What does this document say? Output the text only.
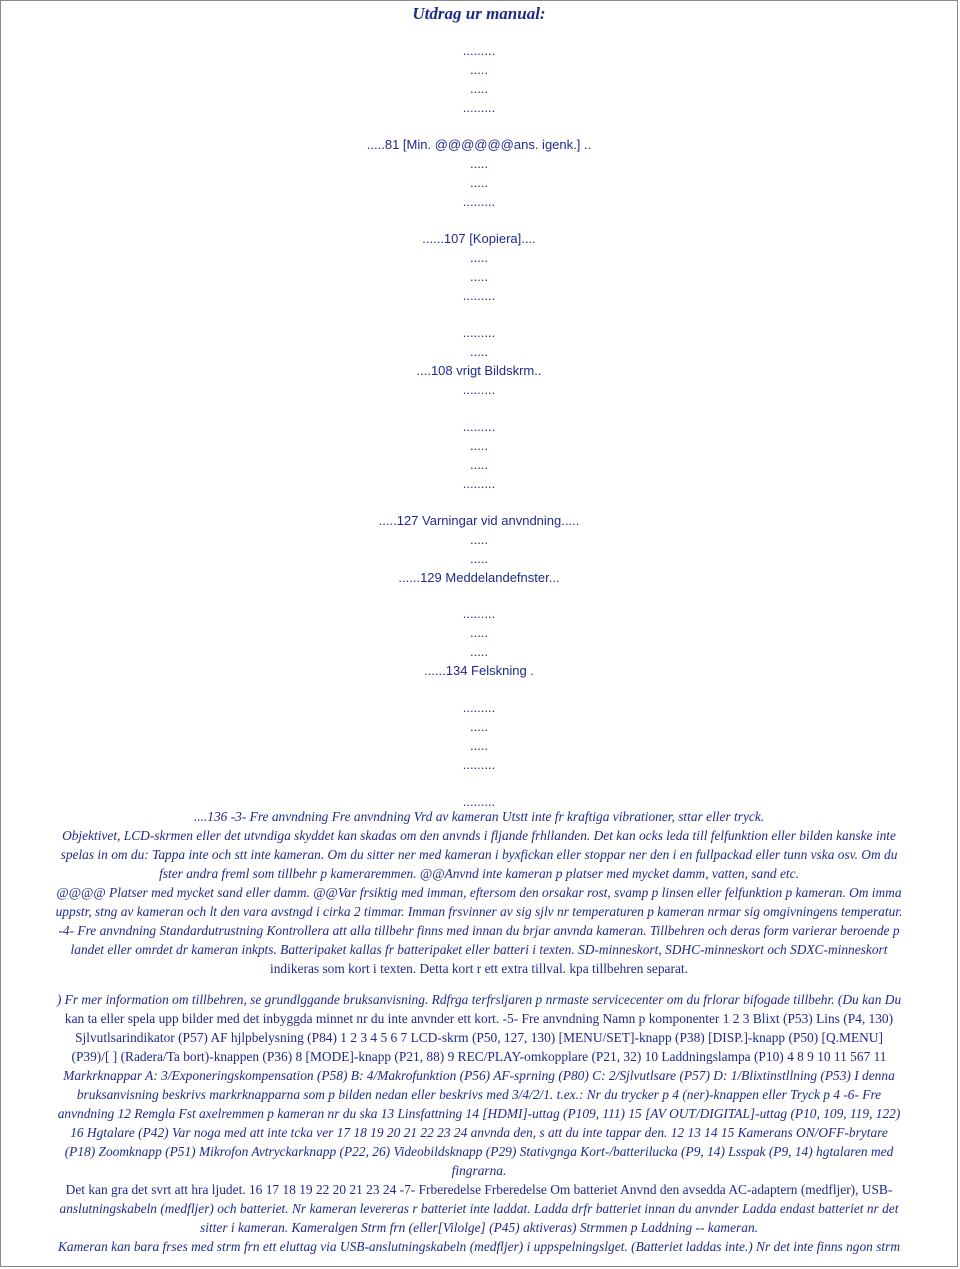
Utdrag ur manual:
.........
.....
.....
.........
.....81 [Min. @@@@@@ans. igenk.] ..
.....
.....
.........
......107 [Kopiera]....
.....
.....
.........
.........
.....
....108 vrigt Bildskrm..
.........
.........
.....
.....
.........
.....127 Varningar vid anvndning.....
.....
.....
......129 Meddelandefnster...
.........
.....
.....
......134 Felskning .
.........
.....
.....
.........
.........
....136 -3- Fre anvndning Fre anvndning Vrd av kameran Utstt inte fr kraftiga vibrationer, sttar eller tryck.
Objektivet, LCD-skrmen eller det utvndiga skyddet kan skadas om den anvnds i fljande frhllanden. Det kan ocks leda till felfunktion eller bilden kanske inte
spelas in om du: Tappa inte och stt inte kameran. Om du sitter ner med kameran i byxfickan eller stoppar ner den i en fullpackad eller tunn vska osv. Om du
fster andra freml som tillbehr p kameraremmen. @@Anvnd inte kameran p platser med mycket damm, vatten, sand etc.
@@@@ Platser med mycket sand eller damm. @@Var frsiktig med imman, eftersom den orsakar rost, svamp p linsen eller felfunktion p kameran. Om imma
uppstr, stng av kameran och lt den vara avstngd i cirka 2 timmar. Imman frsvinner av sig sjlv nr temperaturen p kameran nrmar sig omgivningens temperatur.
-4- Fre anvndning Standardutrustning Kontrollera att alla tillbehr finns med innan du brjar anvnda kameran. Tillbehren och deras form varierar beroende p
landet eller omrdet dr kameran inkpts. Batteripaket kallas fr batteripaket eller batteri i texten. SD-minneskort, SDHC-minneskort och SDXC-minneskort
indikeras som kort i texten. Detta kort r ett extra tillval. kpa tillbehren separat.
) Fr mer information om tillbehren, se grundlggande bruksanvisning. Rdfrga terfrsljaren p nrmaste servicecenter om du frlorar bifogade tillbehr. (Du kan Du
kan ta eller spela upp bilder med det inbyggda minnet nr du inte anvnder ett kort. -5- Fre anvndning Namn p komponenter 1 2 3 Blixt (P53) Lins (P4, 130)
Sjlvutlsarindikator (P57) AF hjlpbelysning (P84) 1 2 3 4 5 6 7 LCD-skrm (P50, 127, 130) [MENU/SET]-knapp (P38) [DISP.]-knapp (P50) [Q.MENU]
(P39)/[ ] (Radera/Ta bort)-knappen (P36) 8 [MODE]-knapp (P21, 88) 9 REC/PLAY-omkopplare (P21, 32) 10 Laddningslampa (P10) 4 8 9 10 11 567 11
Markrknappar A: 3/Exponeringskompensation (P58) B: 4/Makrofunktion (P56) AF-sprning (P80) C: 2/Sjlvutlsare (P57) D: 1/Blixtinstllning (P53) I denna
bruksanvisning beskrivs markrknapparna som p bilden nedan eller beskrivs med 3/4/2/1. t.ex.: Nr du trycker p 4 (ner)-knappen eller Tryck p 4 -6- Fre
anvndning 12 Remgla Fst axelremmen p kameran nr du ska 13 Linsfattning 14 [HDMI]-uttag (P109, 111) 15 [AV OUT/DIGITAL]-uttag (P10, 109, 119, 122)
16 Hgtalare (P42) Var noga med att inte tcka ver 17 18 19 20 21 22 23 24 anvnda den, s att du inte tappar den. 12 13 14 15 Kamerans ON/OFF-brytare
(P18) Zoomknapp (P51) Mikrofon Avtryckarknapp (P22, 26) Videobildsknapp (P29) Stativgnga Kort-/batterilucka (P9, 14) Lsspak (P9, 14) hgtalaren med
fingrarna.
Det kan gra det svrt att hra ljudet. 16 17 18 19 22 20 21 23 24 -7- Frberedelse Frberedelse Om batteriet Anvnd den avsedda AC-adaptern (medfljer), USB-
anslutningskabeln (medfljer) och batteriet. Nr kameran levereras r batteriet inte laddat. Ladda drfr batteriet innan du anvnder Ladda endast batteriet nr det
sitter i kameran. Kameralgen Strm frn (eller[Vilolge] (P45) aktiveras) Strmmen p Laddning -- kameran.
Kameran kan bara frses med strm frn ett eluttag via USB-anslutningskabeln (medfljer) i uppspelningslget. (Batteriet laddas inte.) Nr det inte finns ngon strm
